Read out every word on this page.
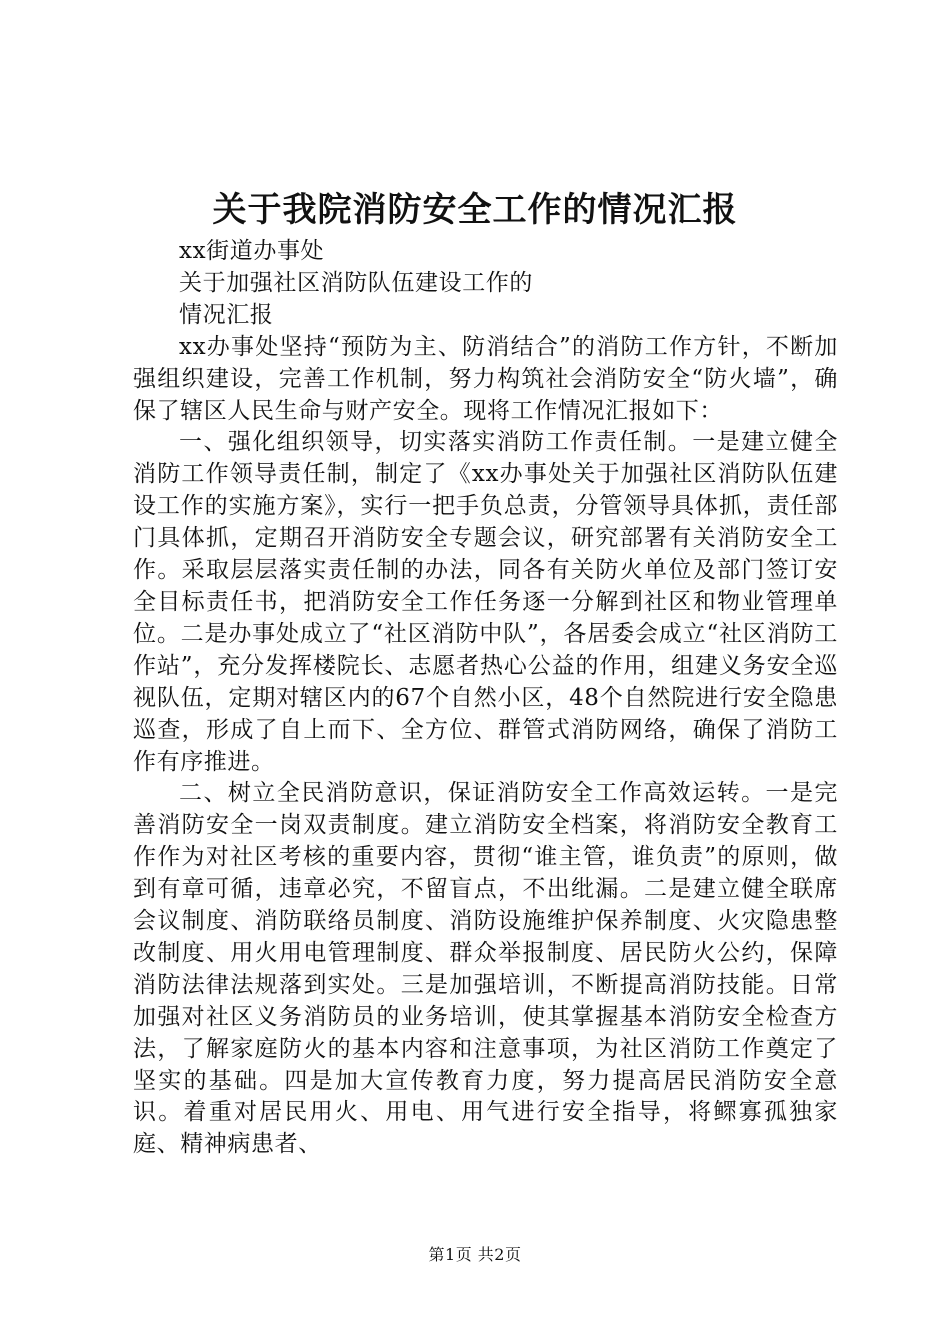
关于我院消防安全工作的情况汇报

xx街道办事处

关于加强社区消防队伍建设工作的

情况汇报

xx办事处坚持“预防为主、防消结合”的消防工作方针，不断加强组织建设，完善工作机制，努力构筑社会消防安全“防火墙”，确保了辖区人民生命与财产安全。现将工作情况汇报如下：

一、强化组织领导，切实落实消防工作责任制。一是建立健全消防工作领导责任制，制定了《xx办事处关于加强社区消防队伍建设工作的实施方案》，实行一把手负总责，分管领导具体抓，责任部门具体抓，定期召开消防安全专题会议，研究部署有关消防安全工作。采取层层落实责任制的办法，同各有关防火单位及部门签订安全目标责任书，把消防安全工作任务逐一分解到社区和物业管理单位。二是办事处成立了“社区消防中队”，各居委会成立“社区消防工作站”，充分发挥楼院长、志愿者热心公益的作用，组建义务安全巡视队伍，定期对辖区内的67个自然小区，48个自然院进行安全隐患巡查，形成了自上而下、全方位、群管式消防网络，确保了消防工作有序推进。

二、树立全民消防意识，保证消防安全工作高效运转。一是完善消防安全一岗双责制度。建立消防安全档案，将消防安全教育工作作为对社区考核的重要内容，贯彻“谁主管，谁负责”的原则，做到有章可循，违章必究，不留盲点，不出纰漏。二是建立健全联席会议制度、消防联络员制度、消防设施维护保养制度、火灾隐患整改制度、用火用电管理制度、群众举报制度、居民防火公约，保障消防法律法规落到实处。三是加强培训，不断提高消防技能。日常加强对社区义务消防员的业务培训，使其掌握基本消防安全检查方法，了解家庭防火的基本内容和注意事项，为社区消防工作奠定了坚实的基础。四是加大宣传教育力度，努力提高居民消防安全意识。着重对居民用火、用电、用气进行安全指导，将鳏寡孤独家庭、精神病患者、

第1页 共2页
